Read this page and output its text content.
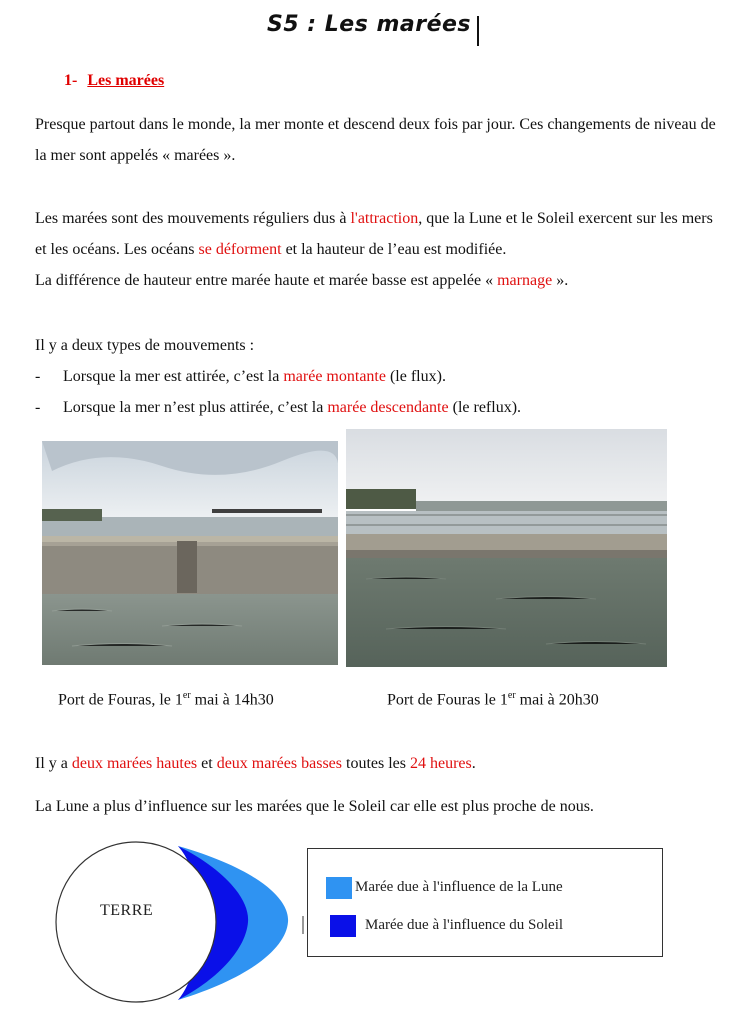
S5 : Les marées
1- Les marées

Presque partout dans le monde, la mer monte et descend deux fois par jour. Ces changements de niveau de la mer sont appelés « marées ».

Les marées sont des mouvements réguliers dus à l'attraction, que la Lune et le Soleil exercent sur les mers et les océans. Les océans se déforment et la hauteur de l’eau est modifiée.

La différence de hauteur entre marée haute et marée basse est appelée « marnage ».

Il y a deux types de mouvements :

- Lorsque la mer est attirée, c’est la marée montante (le flux).
- Lorsque la mer n’est plus attirée, c’est la marée descendante (le reflux).
Port de Fouras, le 1er mai à 14h30	Port de Fouras le 1er mai à 20h30

Il y a deux marées hautes et deux marées basses toutes les 24 heures.

La Lune a plus d’influence sur les marées que le Soleil car elle est plus proche de nous.

TERRE
Marée due à l'influence de la Lune
Marée due à l'influence du Soleil
